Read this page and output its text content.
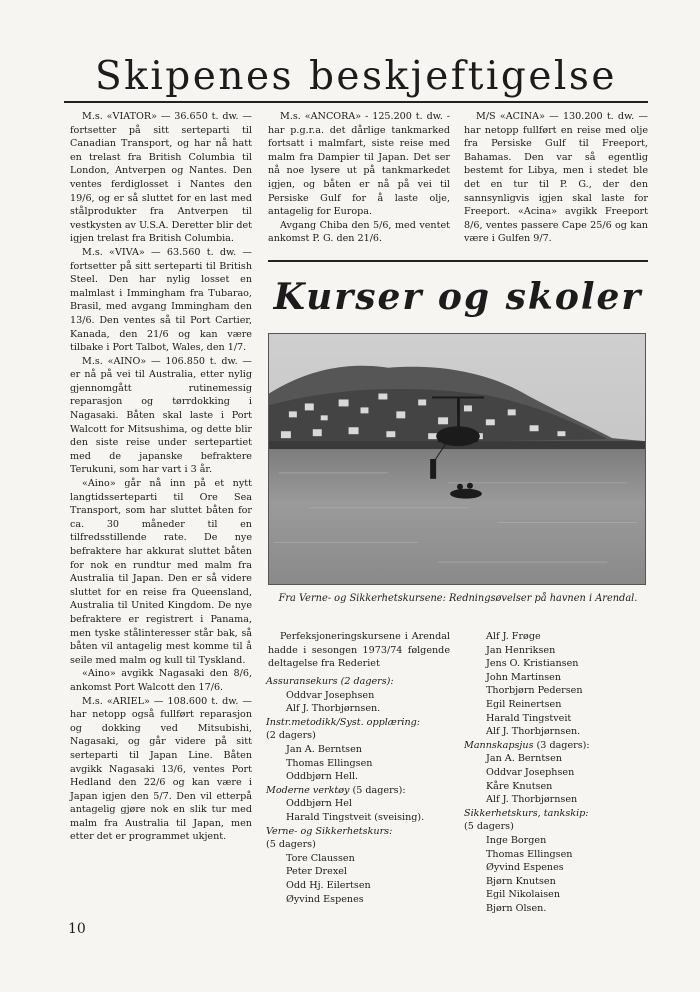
Skipenes beskjeftigelse

M.s. «VIATOR» — 36.650 t. dw. — fortsetter på sitt serteparti til Canadian Transport, og har nå hatt en trelast fra British Columbia til London, Antverpen og Nantes. Den ventes ferdiglosset i Nantes den 19/6, og er så sluttet for en last med stålprodukter fra Antverpen til vestkysten av U.S.A. Deretter blir det igjen trelast fra British Columbia.

M.s. «VIVA» — 63.560 t. dw. — fortsetter på sitt serteparti til British Steel. Den har nylig losset en malmlast i Immingham fra Tubarao, Brasil, med avgang Immingham den 13/6. Den ventes så til Port Cartier, Kanada, den 21/6 og kan være tilbake i Port Talbot, Wales, den 1/7.

M.s. «AINO» — 106.850 t. dw. — er nå på vei til Australia, etter nylig gjennomgått rutinemessig reparasjon og tørrdokking i Nagasaki. Båten skal laste i Port Walcott for Mitsushima, og dette blir den siste reise under sertepartiet med de japanske befraktere Terukuni, som har vart i 3 år.

«Aino» går nå inn på et nytt langtidsserteparti til Ore Sea Transport, som har sluttet båten for ca. 30 måneder til en tilfredsstillende rate. De nye befraktere har akkurat sluttet båten for nok en rundtur med malm fra Australia til Japan. Den er så videre sluttet for en reise fra Queensland, Australia til United Kingdom. De nye befraktere er registrert i Panama, men tyske stålinteresser står bak, så båten vil antagelig mest komme til å seile med malm og kull til Tyskland.

«Aino» avgikk Nagasaki den 8/6, ankomst Port Walcott den 17/6.

M.s. «ARIEL» — 108.600 t. dw. — har netopp også fullført reparasjon og dokking ved Mitsubishi, Nagasaki, og går videre på sitt serteparti til Japan Line. Båten avgikk Nagasaki 13/6, ventes Port Hedland den 22/6 og kan være i Japan igjen den 5/7. Den vil etterpå antagelig gjøre nok en slik tur med malm fra Australia til Japan, men etter det er programmet ukjent.

M.s. «ANCORA» - 125.200 t. dw. - har p.g.r.a. det dårlige tankmarked fortsatt i malmfart, siste reise med malm fra Dampier til Japan. Det ser nå noe lysere ut på tankmarkedet igjen, og båten er nå på vei til Persiske Gulf for å laste olje, antagelig for Europa.

Avgang Chiba den 5/6, med ventet ankomst P. G. den 21/6.

M/S «ACINA» — 130.200 t. dw. — har netopp fullført en reise med olje fra Persiske Gulf til Freeport, Bahamas. Den var så egentlig bestemt for Libya, men i stedet ble det en tur til P. G., der den sannsynligvis igjen skal laste for Freeport. «Acina» avgikk Freeport 8/6, ventes passere Cape 25/6 og kan være i Gulfen 9/7.

Kurser og skoler
Fra Verne- og Sikkerhetskursene: Redningsøvelser på havnen i Arendal.

Perfeksjoneringskursene i Arendal hadde i sesongen 1973/74 følgende deltagelse fra Rederiet

Assuransekurs (2 dagers):
Oddvar Josephsen
Alf J. Thorbjørnsen.
Instr.metodikk/Syst. opplæring:
(2 dagers)
Jan A. Berntsen
Thomas Ellingsen
Oddbjørn Hell.
Moderne verktøy (5 dagers):
Oddbjørn Hel
Harald Tingstveit (sveising).
Verne- og Sikkerhetskurs:
(5 dagers)
Tore Claussen
Peter Drexel
Odd Hj. Eilertsen
Øyvind Espenes
Alf J. Frøge
Jan Henriksen
Jens O. Kristiansen
John Martinsen
Thorbjørn Pedersen
Egil Reinertsen
Harald Tingstveit
Alf J. Thorbjørnsen.
Mannskapsjus (3 dagers):
Jan A. Berntsen
Oddvar Josephsen
Kåre Knutsen
Alf J. Thorbjørnsen
Sikkerhetskurs, tankskip:
(5 dagers)
Inge Borgen
Thomas Ellingsen
Øyvind Espenes
Bjørn Knutsen
Egil Nikolaisen
Bjørn Olsen.
10
